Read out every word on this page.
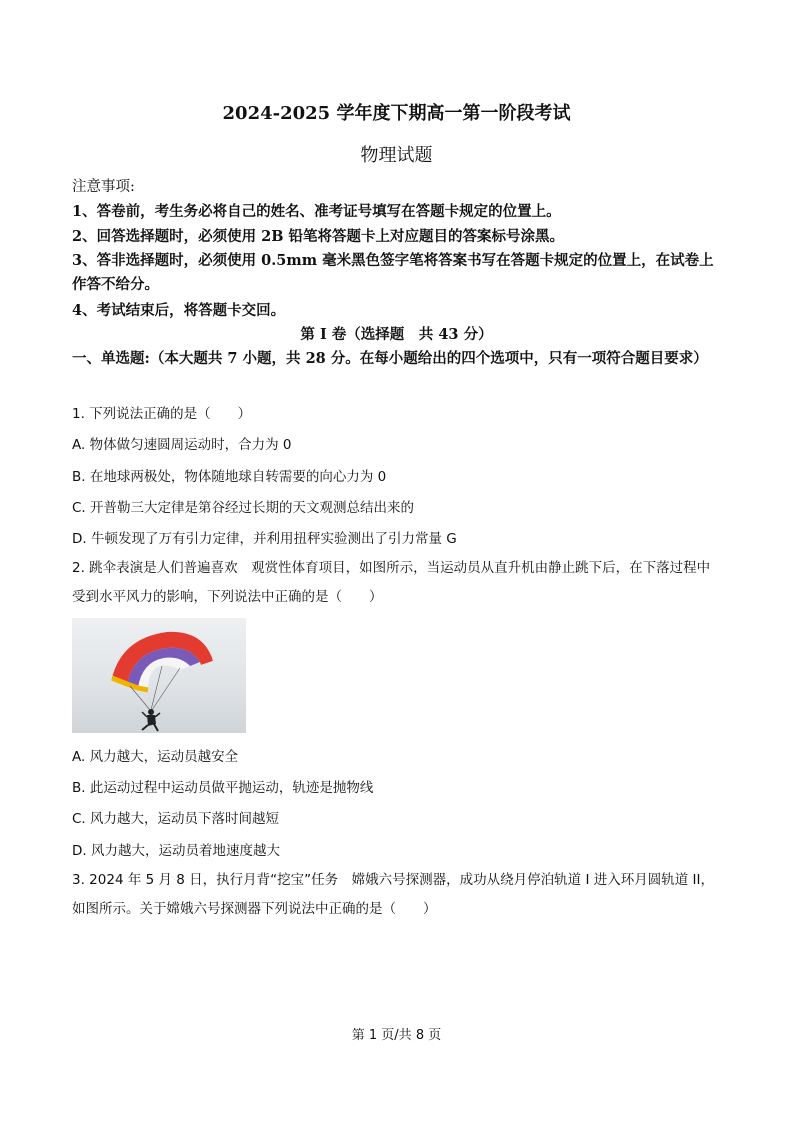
2024-2025 学年度下期高一第一阶段考试
物理试题
注意事项:
1、答卷前，考生务必将自己的姓名、准考证号填写在答题卡规定的位置上。
2、回答选择题时，必须使用 2B 铅笔将答题卡上对应题目的答案标号涂黑。
3、答非选择题时，必须使用 0.5mm 毫米黑色签字笔将答案书写在答题卡规定的位置上，在试卷上作答不给分。
4、考试结束后，将答题卡交回。
第 I 卷（选择题　共 43 分）
一、单选题:（本大题共 7 小题，共 28 分。在每小题给出的四个选项中，只有一项符合题目要求）
1. 下列说法正确的是（　　）
A. 物体做匀速圆周运动时，合力为 0
B. 在地球两极处，物体随地球自转需要的向心力为 0
C. 开普勒三大定律是第谷经过长期的天文观测总结出来的
D. 牛顿发现了万有引力定律，并利用扭秤实验测出了引力常量 G
2. 跳伞表演是人们普遍喜欢　观赏性体育项目，如图所示，当运动员从直升机由静止跳下后，在下落过程中受到水平风力的影响，下列说法中正确的是（　　）
A. 风力越大，运动员越安全
B. 此运动过程中运动员做平抛运动，轨迹是抛物线
C. 风力越大，运动员下落时间越短
D. 风力越大，运动员着地速度越大
3. 2024 年 5 月 8 日，执行月背“挖宝”任务　嫦娥六号探测器，成功从绕月停泊轨道 I 进入环月圆轨道 II，如图所示。关于嫦娥六号探测器下列说法中正确的是（　　）
第 1 页/共 8 页
